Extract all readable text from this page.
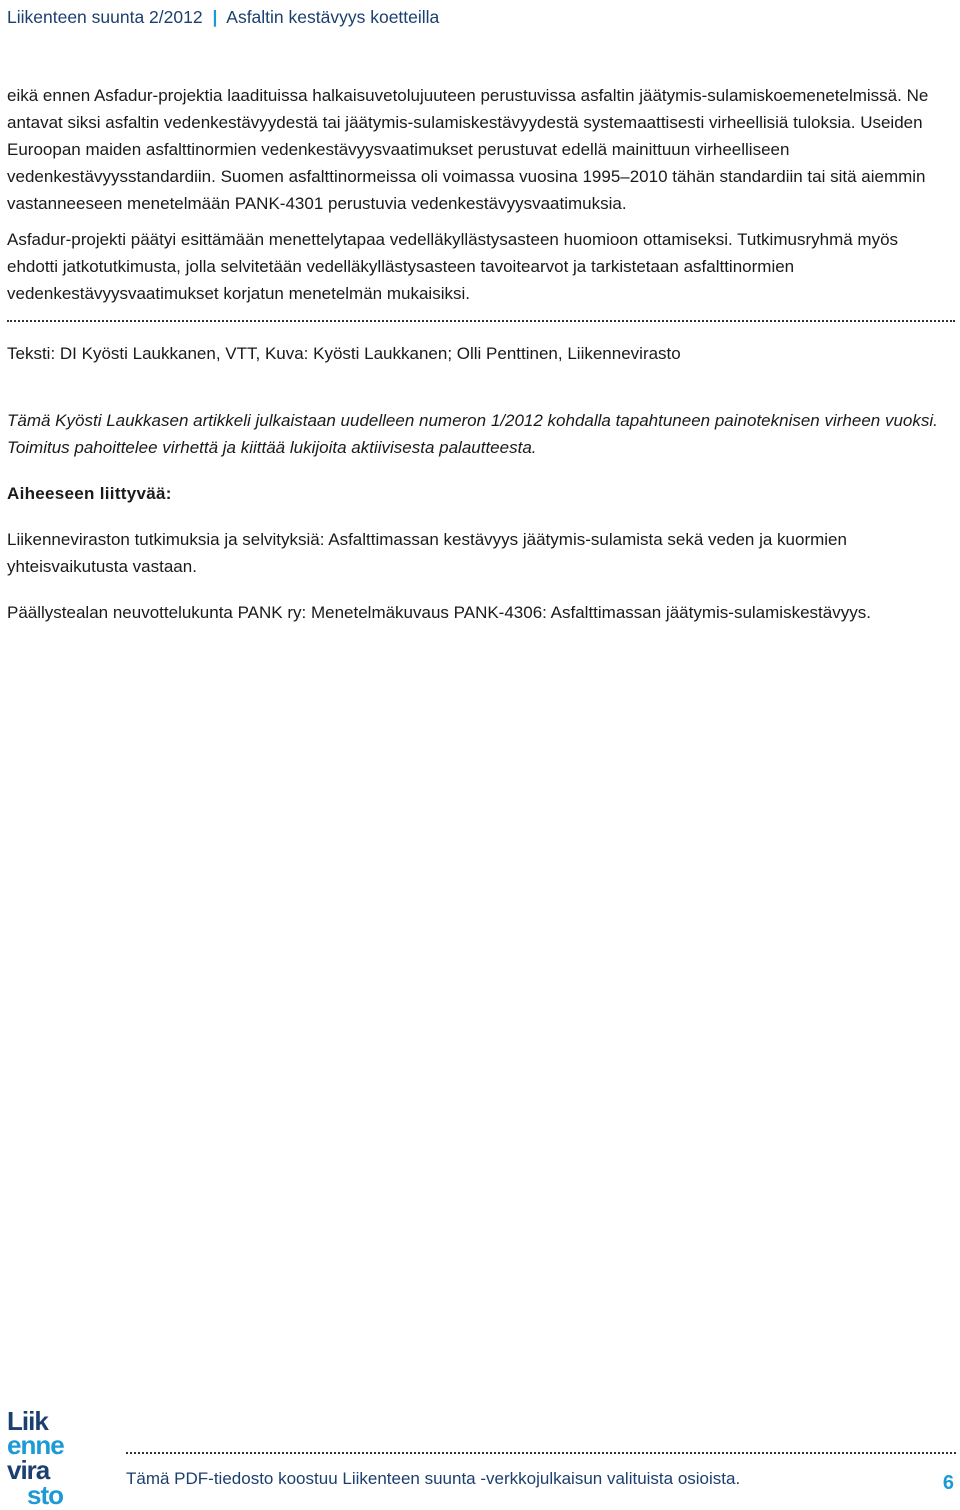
Liikenteen suunta 2/2012 | Asfaltin kestävyys koetteilla

eikä ennen Asfadur-projektia laadituissa halkaisuvetolujuuteen perustuvissa asfaltin jäätymis-sulamiskoemenetelmissä. Ne antavat siksi asfaltin vedenkestävyydestä tai jäätymis-sulamiskestävyydestä systemaattisesti virheellisiä tuloksia. Useiden Euroopan maiden asfalttinormien vedenkestävyysvaatimukset perustuvat edellä mainittuun virheelliseen vedenkestävyysstandardiin. Suomen asfalttinormeissa oli voimassa vuosina 1995–2010 tähän standardiin tai sitä aiemmin vastanneeseen menetelmään PANK-4301 perustuvia vedenkestävyysvaatimuksia.

Asfadur-projekti päätyi esittämään menettelytapaa vedelläkyllästysasteen huomioon ottamiseksi. Tutkimusryhmä myös ehdotti jatkotutkimusta, jolla selvitetään vedelläkyllästysasteen tavoitearvot ja tarkistetaan asfalttinormien vedenkestävyysvaatimukset korjatun menetelmän mukaisiksi.

Teksti: DI Kyösti Laukkanen, VTT, Kuva: Kyösti Laukkanen; Olli Penttinen, Liikennevirasto

Tämä Kyösti Laukkasen artikkeli julkaistaan uudelleen numeron 1/2012 kohdalla tapahtuneen painoteknisen virheen vuoksi. Toimitus pahoittelee virhettä ja kiittää lukijoita aktiivisesta palautteesta.

Aiheeseen liittyvää:

Liikenneviraston tutkimuksia ja selvityksiä: Asfalttimassan kestävyys jäätymis-sulamista sekä veden ja kuormien yhteisvaikutusta vastaan.

Päällystealan neuvottelukunta PANK ry: Menetelmäkuvaus PANK-4306: Asfalttimassan jäätymis-sulamiskestävyys.

Liik
enne
vira
sto
Tämä PDF-tiedosto koostuu Liikenteen suunta -verkkojulkaisun valituista osioista.	6
